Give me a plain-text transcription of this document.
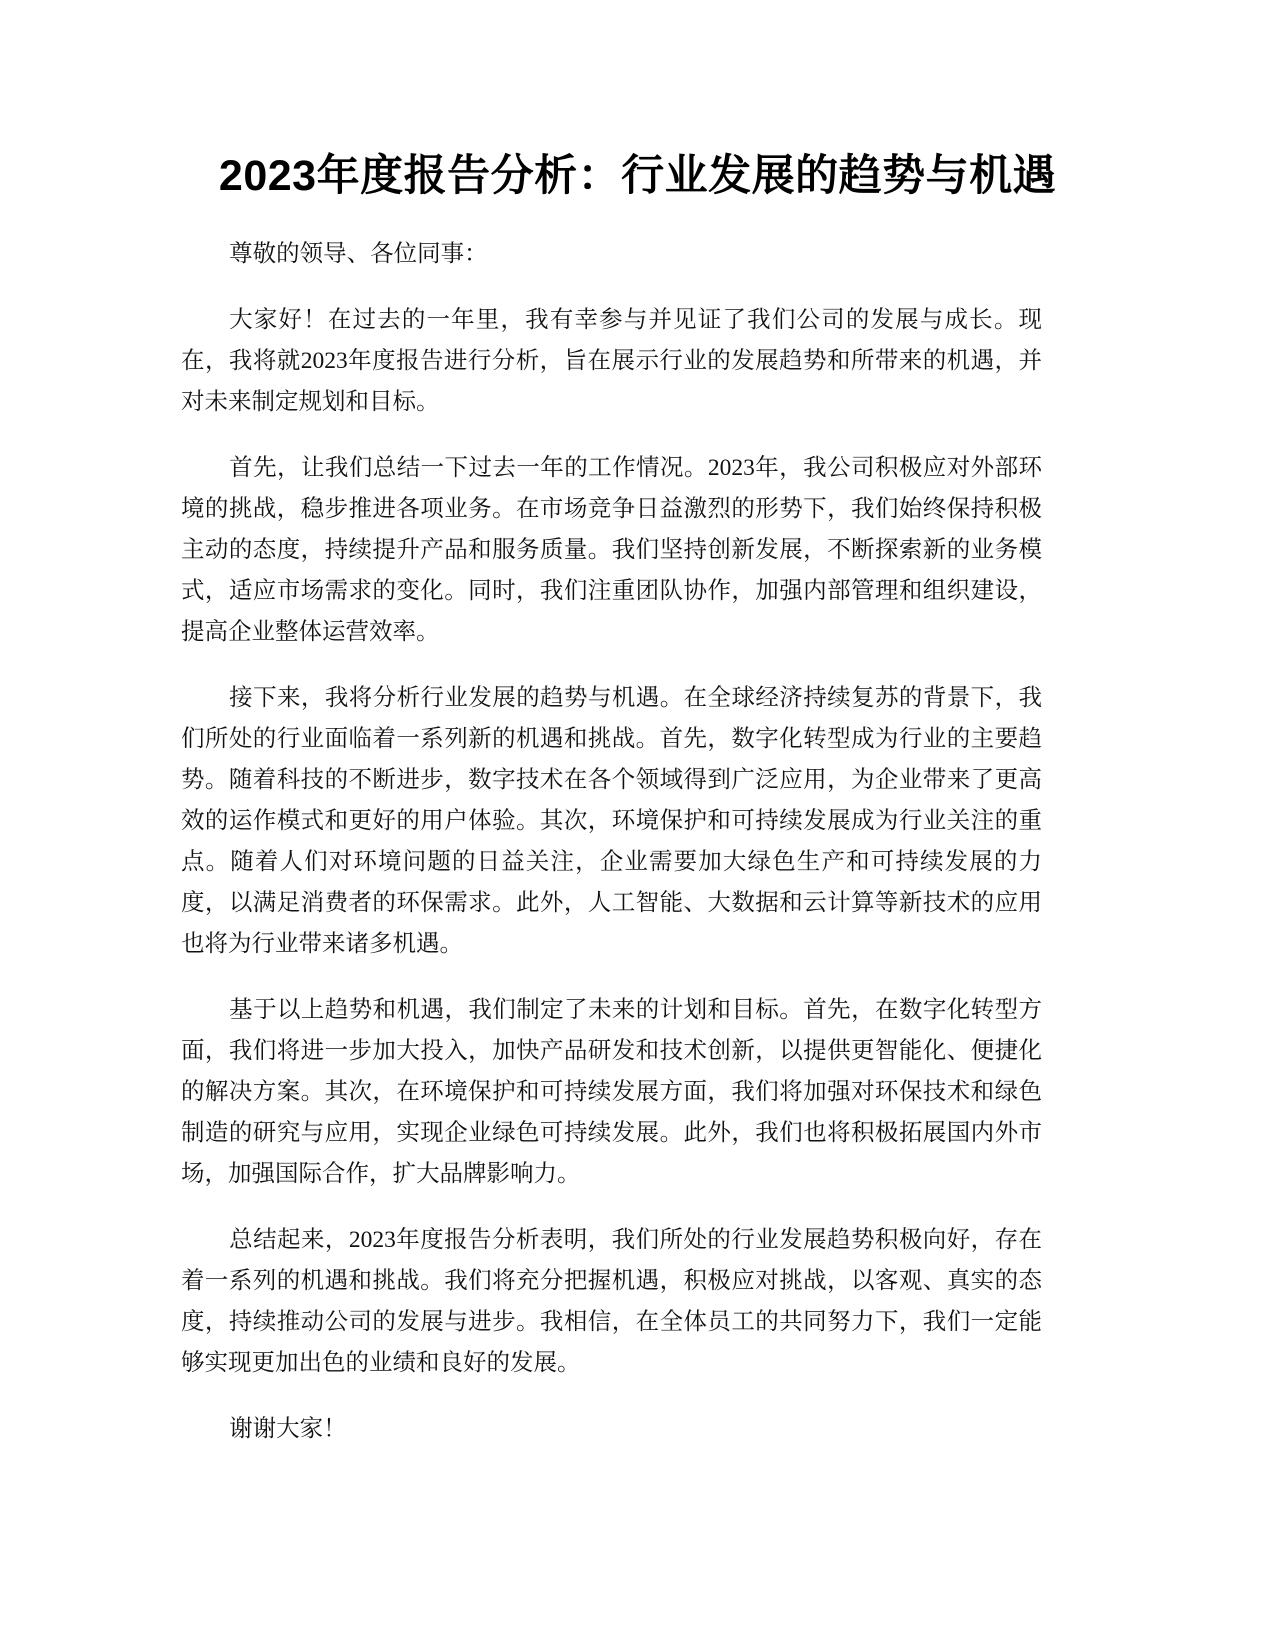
2023年度报告分析：行业发展的趋势与机遇

尊敬的领导、各位同事：

大家好！在过去的一年里，我有幸参与并见证了我们公司的发展与成长。现在，我将就2023年度报告进行分析，旨在展示行业的发展趋势和所带来的机遇，并对未来制定规划和目标。

首先，让我们总结一下过去一年的工作情况。2023年，我公司积极应对外部环境的挑战，稳步推进各项业务。在市场竞争日益激烈的形势下，我们始终保持积极主动的态度，持续提升产品和服务质量。我们坚持创新发展，不断探索新的业务模式，适应市场需求的变化。同时，我们注重团队协作，加强内部管理和组织建设，提高企业整体运营效率。

接下来，我将分析行业发展的趋势与机遇。在全球经济持续复苏的背景下，我们所处的行业面临着一系列新的机遇和挑战。首先，数字化转型成为行业的主要趋势。随着科技的不断进步，数字技术在各个领域得到广泛应用，为企业带来了更高效的运作模式和更好的用户体验。其次，环境保护和可持续发展成为行业关注的重点。随着人们对环境问题的日益关注，企业需要加大绿色生产和可持续发展的力度，以满足消费者的环保需求。此外，人工智能、大数据和云计算等新技术的应用也将为行业带来诸多机遇。

基于以上趋势和机遇，我们制定了未来的计划和目标。首先，在数字化转型方面，我们将进一步加大投入，加快产品研发和技术创新，以提供更智能化、便捷化的解决方案。其次，在环境保护和可持续发展方面，我们将加强对环保技术和绿色制造的研究与应用，实现企业绿色可持续发展。此外，我们也将积极拓展国内外市场，加强国际合作，扩大品牌影响力。

总结起来，2023年度报告分析表明，我们所处的行业发展趋势积极向好，存在着一系列的机遇和挑战。我们将充分把握机遇，积极应对挑战，以客观、真实的态度，持续推动公司的发展与进步。我相信，在全体员工的共同努力下，我们一定能够实现更加出色的业绩和良好的发展。

谢谢大家！
